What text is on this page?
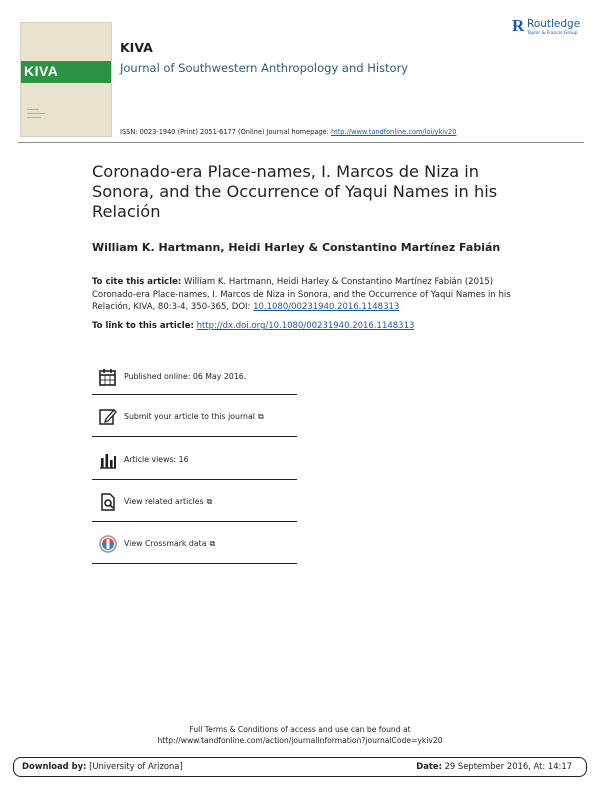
KIVA
KIVA
Journal of Southwestern Anthropology and History
R Routledge
Taylor & Francis Group
ISSN: 0023-1940 (Print) 2051-6177 (Online) Journal homepage: http://www.tandfonline.com/loi/ykiv20
Coronado-era Place-names, I. Marcos de Niza in Sonora, and the Occurrence of Yaqui Names in his Relación
William K. Hartmann, Heidi Harley & Constantino Martínez Fabián
To cite this article: William K. Hartmann, Heidi Harley & Constantino Martínez Fabián (2015) Coronado-era Place-names, I. Marcos de Niza in Sonora, and the Occurrence of Yaqui Names in his Relación, KIVA, 80:3-4, 350-365, DOI: 10.1080/00231940.2016.1148313
To link to this article: http://dx.doi.org/10.1080/00231940.2016.1148313
Published online: 06 May 2016.
Submit your article to this journal ⧉
Article views: 16
View related articles ⧉
View Crossmark data ⧉
Full Terms & Conditions of access and use can be found at
http://www.tandfonline.com/action/journalInformation?journalCode=ykiv20
Download by: [University of Arizona]	Date: 29 September 2016, At: 14:17
